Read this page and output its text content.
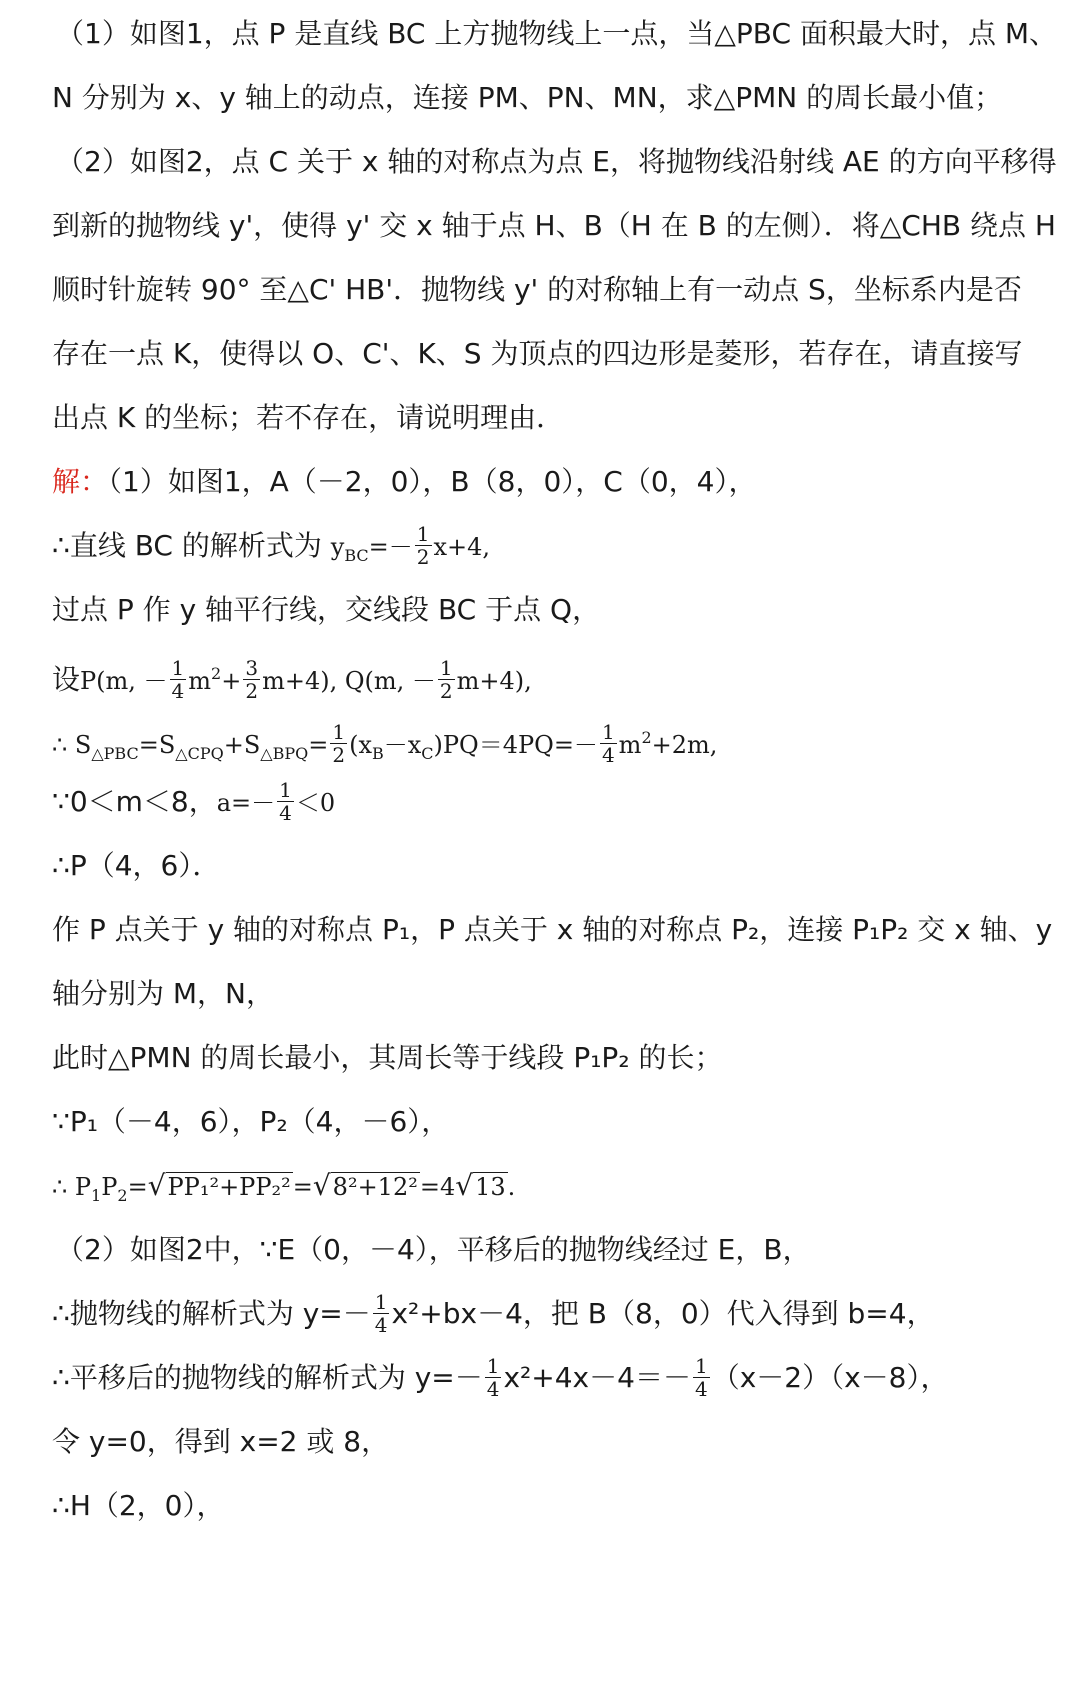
（1）如图1，点 P 是直线 BC 上方抛物线上一点，当△PBC 面积最大时，点 M、
N 分别为 x、y 轴上的动点，连接 PM、PN、MN，求△PMN 的周长最小值；
（2）如图2，点 C 关于 x 轴的对称点为点 E，将抛物线沿射线 AE 的方向平移得
到新的抛物线 y'，使得 y' 交 x 轴于点 H、B（H 在 B 的左侧）．将△CHB 绕点 H
顺时针旋转 90° 至△C' HB'．抛物线 y' 的对称轴上有一动点 S，坐标系内是否
存在一点 K，使得以 O、C'、K、S 为顶点的四边形是菱形，若存在，请直接写
出点 K 的坐标；若不存在，请说明理由．
解：（1）如图1，A（－2，0），B（8，0），C（0，4），
∴直线 BC 的解析式为 $y_{BC}=- \frac{1}{2} x+4$,
过点 P 作 y 轴平行线，交线段 BC 于点 Q，
设P(m, － $\frac{1}{4} m^2+ \frac{3}{2} m+4$), Q(m, － $\frac{1}{2} m+4$),
∴ $S_{\triangle PBC}=S_{\triangle CPQ}+S_{\triangle BPQ}= \frac{1}{2} (x_B-x_C)PQ=4PQ=- \frac{1}{4} m^2+2m$,
∵0＜m＜8，$a=- \frac{1}{4} <0$
∴P（4，6）．
作 P 点关于 y 轴的对称点 P₁，P 点关于 x 轴的对称点 P₂，连接 P₁P₂ 交 x 轴、y
轴分别为 M，N，
此时△PMN 的周长最小，其周长等于线段 P₁P₂ 的长；
∵P₁（－4，6），P₂（4，－6），
∴ $P_1P_2=√PP_1^2+PP_2^2=√8^2+12^2=4√13$.
（2）如图2中，∵E（0，－4），平移后的抛物线经过 E，B，
∴抛物线的解析式为 $y=- \frac{1}{4} x^2+bx-4$，把 B（8，0）代入得到 b=4，
∴平移后的抛物线的解析式为 $y=- \frac{1}{4} x^2+4x-4=- \frac{1}{4} (x-2)(x-8)$，
令 y=0，得到 x=2 或 8，
∴H（2，0），
